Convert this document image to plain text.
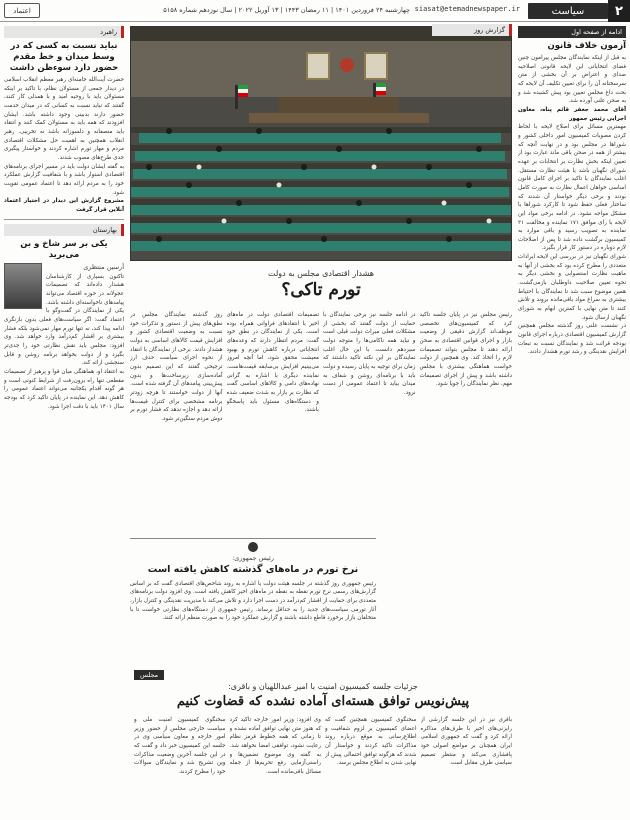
۲
سیاست
siasat@etemadnewspaper.ir
چهارشنبه ۲۴ فروردین ۱۴۰۱ | ۱۱ رمضان ۱۴۴۳ | ۱۳ آوریل ۲۰۲۲ | سال نوزدهم شماره ۵۱۵۸
اعتماد
ادامه از صفحه اول
آزمون خلاف قانون

به قبل از اینکه نمایندگان مجلس پیرامون چنین فضای انتخاباتی این لایحه قانونی اصلاحیه صدای و اعتراض بر آن بخشی از متن سرسختانه آن را برای تعیین تکلیف آن لایحه که بحث داغ مجلس تعیین بود پیش کشیده شد و به صحن علنی آورده شد.

آقای محمد جعفر قائم پناه، معاون اجرایی رئیس جمهور

مهمترین مسائل برای اصلاح لایحه با لحاظ کردن مصوبات کمیسیون امور داخلی کشور و شوراها در مجلس بود و در نهایت آنچه که بیشتر از همه در صحن باقی ماند عبارت بود از تعیین اینکه بخش نظارت بر انتخابات بر عهده شورای نگهبان باشد یا هیئت نظارت مستقل. اغلب نمایندگان با تاکید بر اجرای کامل قانون اساسی خواهان اعمال نظارت به صورت کامل بودند و برخی دیگر خواستار آن شدند که ساختار فعلی حفظ شود تا کارکرد شوراها با مشکل مواجه نشود. در ادامه برخی مواد این لایحه با رای موافق ۱۷۱ نماینده و مخالفت ۳۱ نماینده به تصویب رسید و باقی موارد به کمیسیون برگشت داده شد تا پس از اصلاحات لازم دوباره در دستور کار قرار بگیرد.

شورای نگهبان نیز در بررسی این لایحه ایرادات متعددی را مطرح کرده بود که بخشی از آنها به ماهیت نظارت استصوابی و بخشی دیگر به نحوه تعیین صلاحیت داوطلبان بازمی‌گشت. همین موضوع سبب شد تا نمایندگان با احتیاط بیشتری به سراغ مواد باقی‌مانده بروند و تلاش کنند تا متن نهایی با کمترین ابهام به شورای نگهبان ارسال شود.

در نشست علنی روز گذشته مجلس همچنین گزارش کمیسیون اقتصادی درباره اجرای قانون بودجه قرائت شد و نمایندگان نسبت به تبعات افزایش نقدینگی و رشد تورم هشدار دادند.

گزارش روز
هشدار اقتصادی مجلس به دولت
تورم تاکی؟

روز گذشته نمایندگان مجلس در نطق‌های پیش از دستور و تذکرات خود نسبت به وضعیت اقتصادی کشور و افزایش قیمت کالاهای اساسی به دولت هشدار دادند. برخی از نمایندگان با انتقاد از نحوه اجرای سیاست حذف ارز ترجیحی گفتند که این تصمیم بدون آماده‌سازی زیرساخت‌ها و بدون پیش‌بینی پیامدهای آن گرفته شده است. آنها از دولت خواستند تا هرچه زودتر برنامه مشخصی برای کنترل قیمت‌ها ارائه دهد و اجازه ندهد که فشار تورم بر دوش مردم سنگین‌تر شود.

تصمیمات اقتصادی دولت در ماه‌های اخیر با انتقادهای فراوانی همراه بوده است. یکی از نمایندگان در نطق خود گفت: مردم انتظار دارند که وعده‌های انتخاباتی درباره کاهش تورم و بهبود معیشت محقق شود، اما آنچه امروز می‌بینیم افزایش بی‌سابقه قیمت‌هاست. نماینده دیگری با اشاره به گرانی نهاده‌های دامی و کالاهای اساسی گفت که نظارت بر بازار به شدت ضعیف شده و دستگاه‌های مسئول باید پاسخگو باشند.

در ادامه جلسه نیز برخی نمایندگان با حمایت از دولت گفتند که بخشی از مشکلات فعلی میراث دولت قبلی است و نباید همه ناکامی‌ها را متوجه دولت سیزدهم دانست. با این حال اغلب نمایندگان بر این نکته تاکید داشتند که زمان برای توجیه به پایان رسیده و دولت باید با برنامه‌ای روشن و شفاف به میدان بیاید تا اعتماد عمومی از دست نرود.

رئیس مجلس نیز در پایان جلسه تاکید کرد که کمیسیون‌های تخصصی موظف‌اند گزارش دقیقی از وضعیت بازار و اجرای قوانین اقتصادی به صحن ارائه دهند تا مجلس بتواند تصمیمات لازم را اتخاذ کند. وی همچنین از دولت خواست هماهنگی بیشتری با مجلس داشته باشد و پیش از اجرای تصمیمات مهم، نظر نمایندگان را جویا شود.

رئیس جمهوری:
نرخ تورم در ماه‌های گذشته کاهش یافته است

رئیس جمهوری روز گذشته در جلسه هیئت دولت با اشاره به روند شاخص‌های اقتصادی گفت که بر اساس گزارش‌های رسمی نرخ تورم نقطه به نقطه در ماه‌های اخیر کاهش یافته است. وی افزود دولت برنامه‌های متعددی برای حمایت از اقشار کم‌درآمد در دست اجرا دارد و تلاش می‌کند با مدیریت نقدینگی و کنترل بازار، آثار تورمی سیاست‌های جدید را به حداقل برساند. رئیس جمهوری از دستگاه‌های نظارتی خواست تا با متخلفان بازار برخورد قاطع داشته باشند و گزارش عملکرد خود را به صورت منظم ارائه کنند.

راهبرد
نباید نسبت به کسی که در وسط میدان و خط مقدم حضور دارد سوءظن داشت

حضرت آیت‌الله خامنه‌ای رهبر معظم انقلاب اسلامی در دیدار جمعی از مسئولان نظام، با تاکید بر اینکه مسئولان باید با روحیه امید و با همدلی کار کنند، گفتند که نباید نسبت به کسانی که در میدان خدمت حضور دارند بدبینی وجود داشته باشد. ایشان افزودند که همه باید به مسئولان کمک کنند و انتقاد باید منصفانه و دلسوزانه باشد نه تخریبی. رهبر انقلاب همچنین به اهمیت حل مشکلات اقتصادی مردم و مهار تورم اشاره کردند و خواستار پیگیری جدی طرح‌های مصوب شدند.

به گفته ایشان دولت باید در مسیر اجرای برنامه‌های اقتصادی استوار باشد و با شفافیت گزارش عملکرد خود را به مردم ارائه دهد تا اعتماد عمومی تقویت شود.

مشروع گزارش این دیدار در اختیار اعتماد آنلاین قرار گرفت

بهارستان
یکی بر سر شاخ و بن می‌برید
آرسین منتظری

تاکنون بسیاری از کارشناسان هشدار داده‌اند که تصمیمات عجولانه در حوزه اقتصاد می‌تواند پیامدهای ناخواسته‌ای داشته باشد. یکی از نمایندگان در گفت‌وگو با اعتماد گفت: اگر سیاست‌های فعلی بدون بازنگری ادامه پیدا کند، نه تنها تورم مهار نمی‌شود بلکه فشار بیشتری بر اقشار کم‌درآمد وارد خواهد شد. وی افزود: مجلس باید نقش نظارتی خود را جدی‌تر بگیرد و از دولت بخواهد برنامه روشن و قابل سنجشی ارائه کند.

به اعتقاد او، هماهنگی میان قوا و پرهیز از تصمیمات مقطعی تنها راه برون‌رفت از شرایط کنونی است و هر گونه اقدام یکجانبه می‌تواند اعتماد عمومی را کاهش دهد. این نماینده در پایان تاکید کرد که بودجه سال ۱۴۰۱ باید با دقت اجرا شود.

مجلس
جزئیات جلسه کمیسیون امنیت با امیر عبداللهیان و باقری:
پیش‌نویس توافق هسته‌ای آماده نشده که قضاوت کنیم

سخنگوی کمیسیون امنیت ملی و سیاست خارجی مجلس از حضور وزیر امور خارجه و معاون سیاسی وی در جلسه این کمیسیون خبر داد و گفت که در این جلسه آخرین وضعیت مذاکرات وین تشریح شد و نمایندگان سوالات خود را مطرح کردند.

وی افزود: وزیر امور خارجه تاکید کرد که هنوز متن نهایی توافق آماده نشده و تا زمانی که همه خطوط قرمز نظام رعایت نشود، توافقی امضا نخواهد شد. به گفته وی موضوع تضمین‌ها و راستی‌آزمایی رفع تحریم‌ها از جمله مسائل باقی‌مانده است.

سخنگوی کمیسیون همچنین گفت که اعضای کمیسیون بر لزوم شفافیت و اطلاع‌رسانی به موقع درباره روند مذاکرات تاکید کردند و خواستار آن شدند که هرگونه توافق احتمالی پیش از نهایی شدن به اطلاع مجلس برسد.

باقری نیز در این جلسه گزارشی از رایزنی‌های اخیر با طرف‌های مذاکره ارائه کرد و گفت که جمهوری اسلامی ایران همچنان بر مواضع اصولی خود پافشاری می‌کند و منتظر تصمیم سیاسی طرف مقابل است.
